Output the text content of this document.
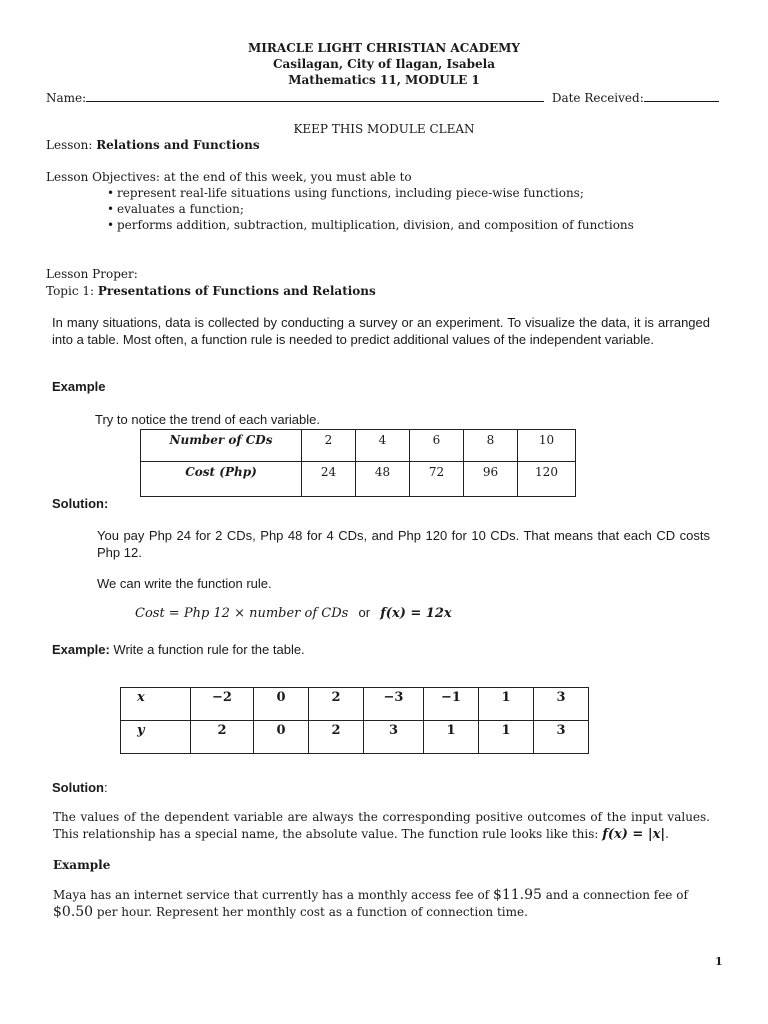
MIRACLE LIGHT CHRISTIAN ACADEMY
Casilagan, City of Ilagan, Isabela
Mathematics 11, MODULE 1
Name:	Date Received:
KEEP THIS MODULE CLEAN
Lesson: Relations and Functions
Lesson Objectives: at the end of this week, you must able to
• represent real-life situations using functions, including piece-wise functions;
• evaluates a function;
• performs addition, subtraction, multiplication, division, and composition of functions
Lesson Proper:
Topic 1: Presentations of Functions and Relations
In many situations, data is collected by conducting a survey or an experiment. To visualize the data, it is arranged into a table. Most often, a function rule is needed to predict additional values of the independent variable.
Example
Try to notice the trend of each variable.
Number of CDs	2	4	6	8	10
Cost (Php)	24	48	72	96	120
Solution:
You pay Php 24 for 2 CDs, Php 48 for 4 CDs, and Php 120 for 10 CDs. That means that each CD costs Php 12.
We can write the function rule.
Cost = Php 12 × number of CDs or f(x) = 12x
Example: Write a function rule for the table.
x	−2	0	2	−3	−1	1	3
y	2	0	2	3	1	1	3
Solution:
The values of the dependent variable are always the corresponding positive outcomes of the input values. This relationship has a special name, the absolute value. The function rule looks like this: f(x) = |x|.
Example
Maya has an internet service that currently has a monthly access fee of $11.95 and a connection fee of $0.50 per hour. Represent her monthly cost as a function of connection time.
1
